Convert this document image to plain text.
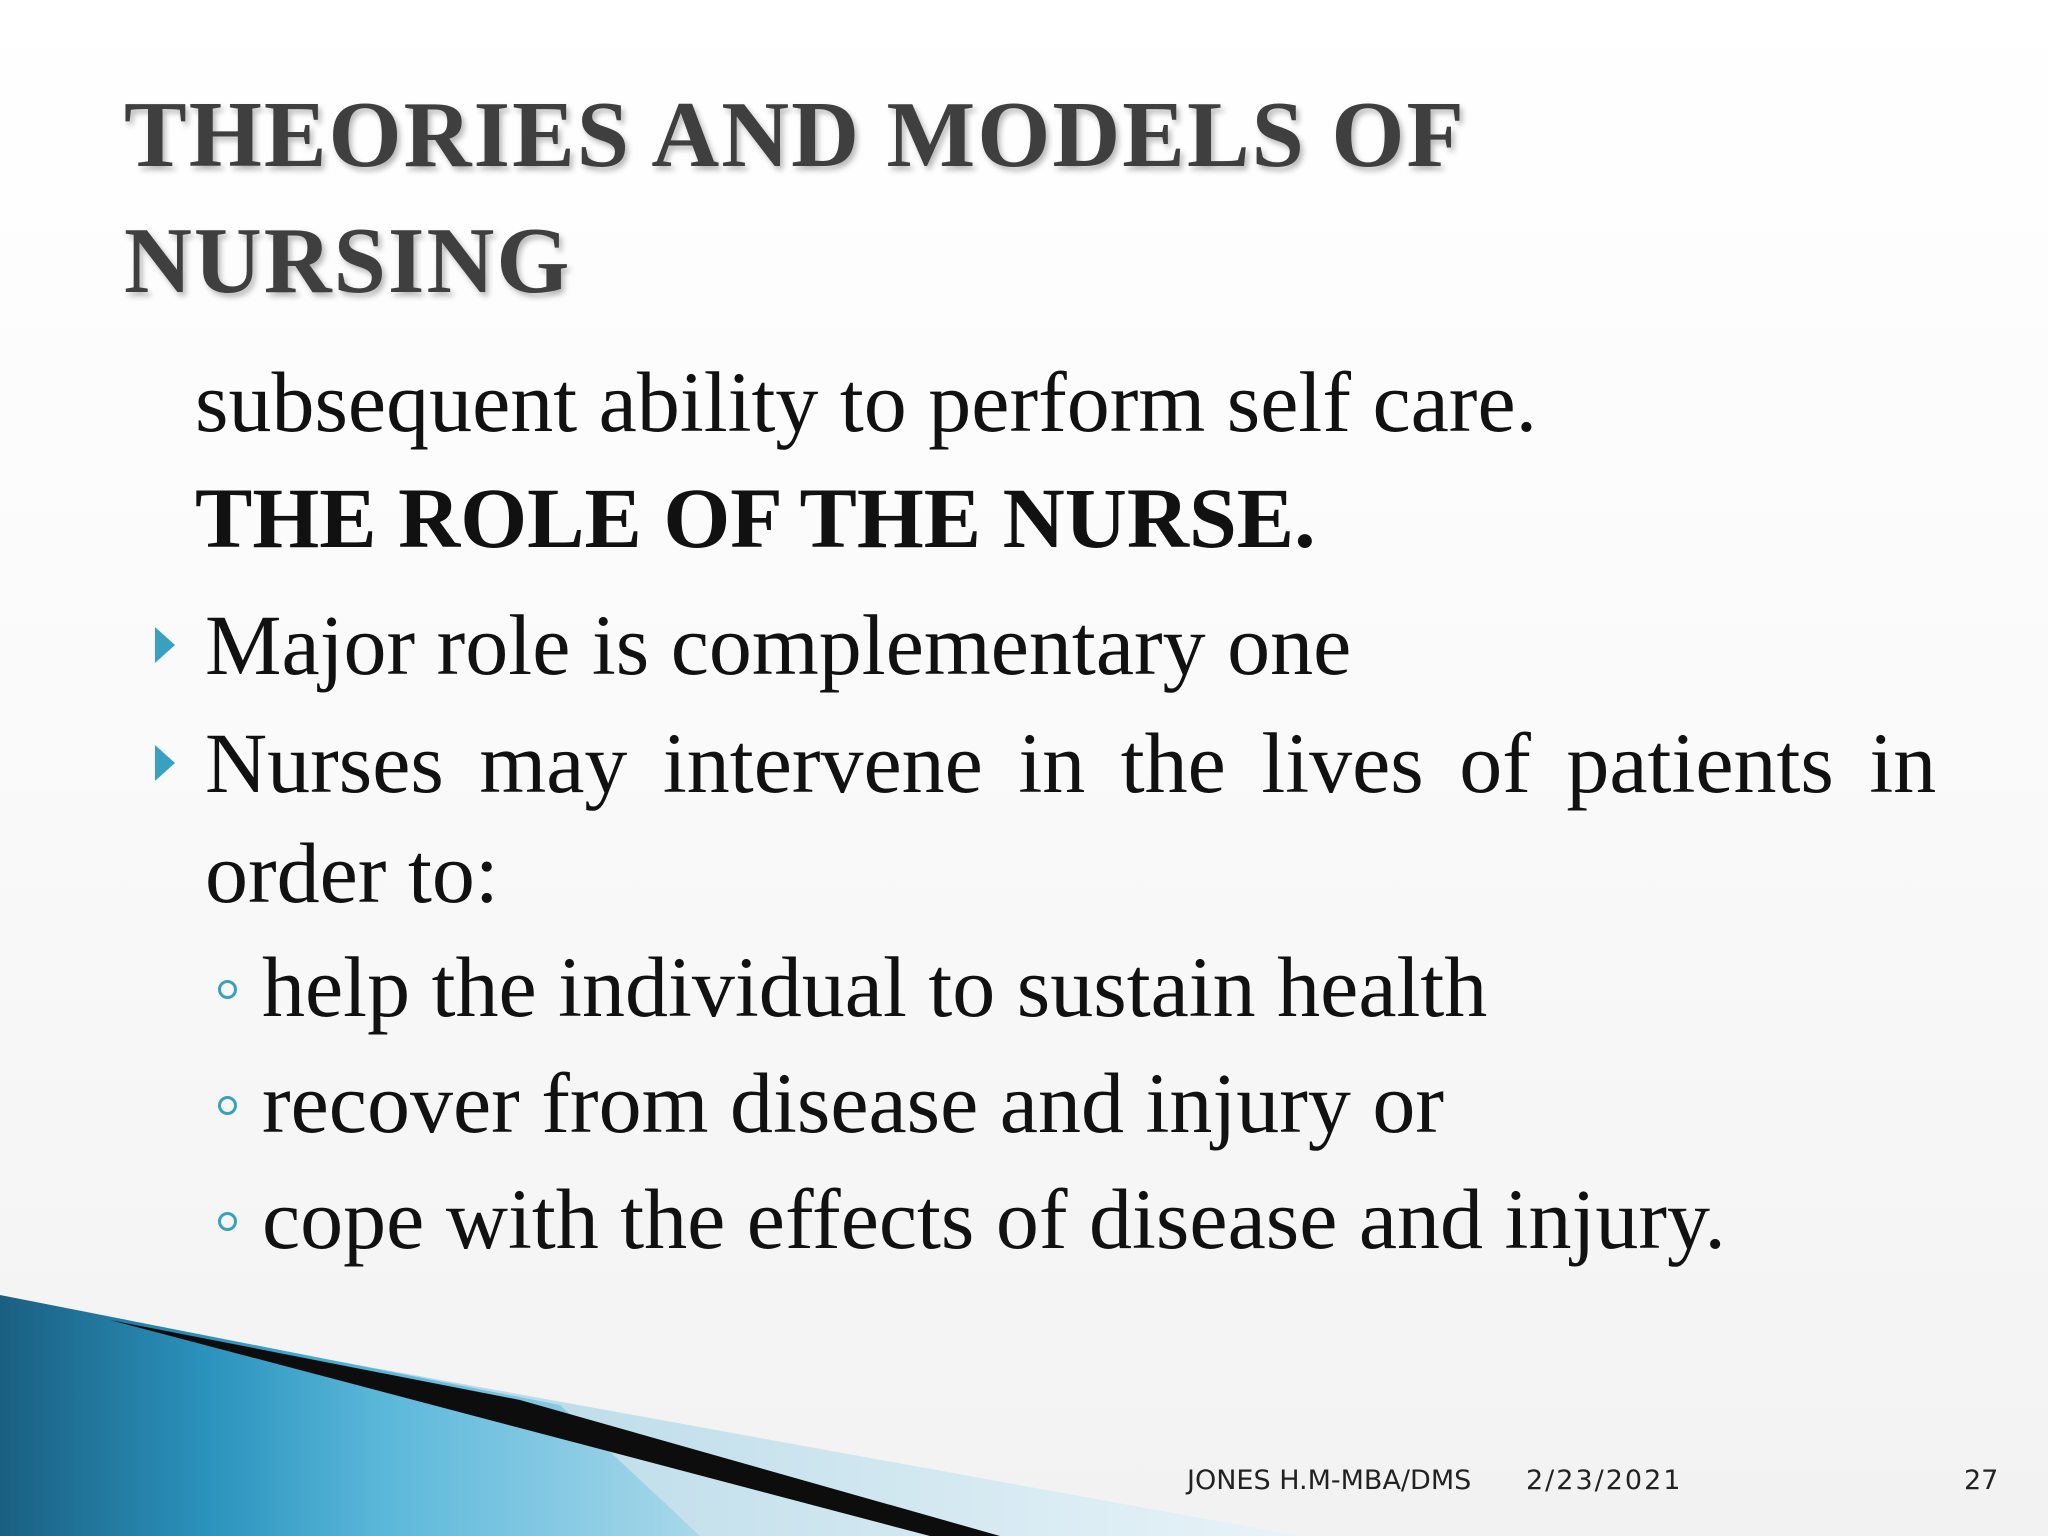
THEORIES AND MODELS OF NURSING
subsequent ability to perform self care.
THE ROLE OF THE NURSE.
Major role is complementary one
Nurses may intervene in the lives of patients in
order to:
help the individual to sustain health
recover from disease and injury or
cope with the effects of disease and injury.
JONES H.M-MBA/DMS 2/23/2021	27
